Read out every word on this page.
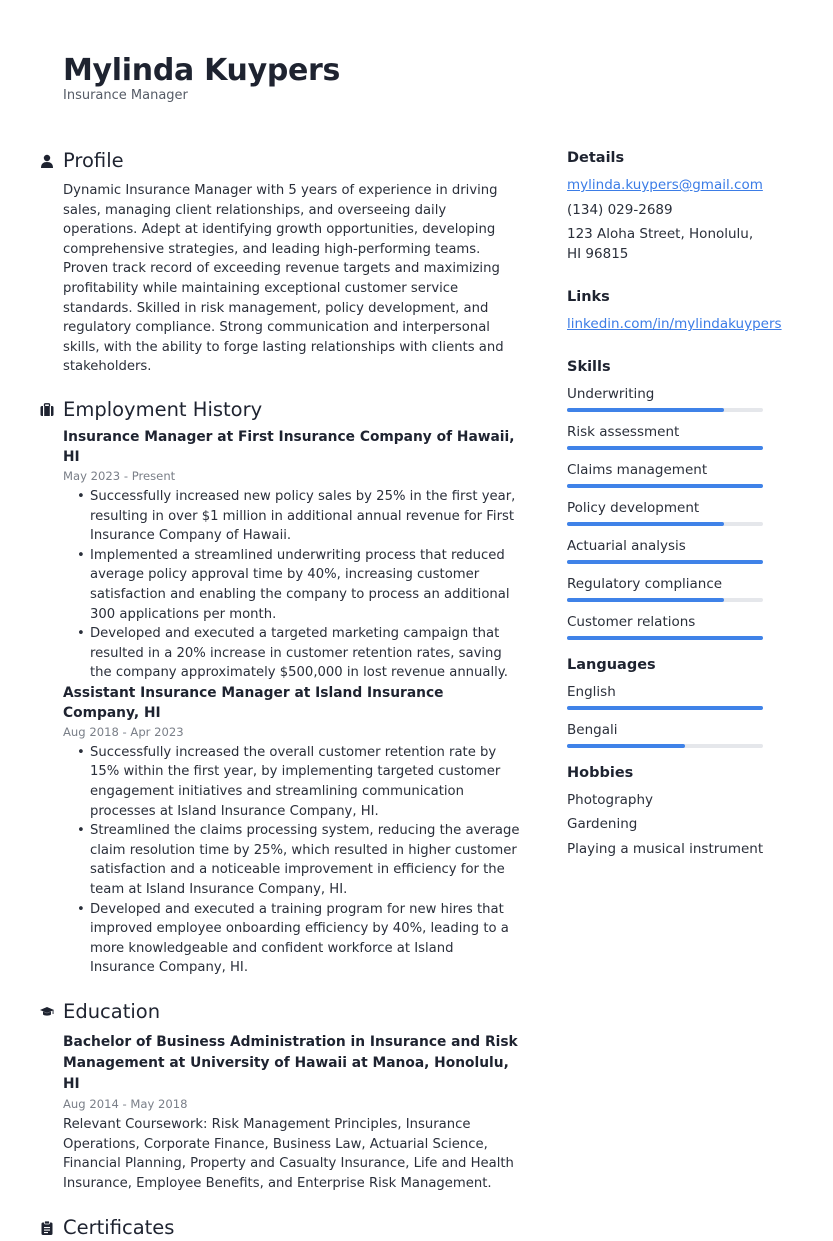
Mylinda Kuypers
Insurance Manager
Profile
Dynamic Insurance Manager with 5 years of experience in driving sales, managing client relationships, and overseeing daily operations. Adept at identifying growth opportunities, developing comprehensive strategies, and leading high-performing teams. Proven track record of exceeding revenue targets and maximizing profitability while maintaining exceptional customer service standards. Skilled in risk management, policy development, and regulatory compliance. Strong communication and interpersonal skills, with the ability to forge lasting relationships with clients and stakeholders.
Employment History
Insurance Manager at First Insurance Company of Hawaii, HI
May 2023 - Present
• Successfully increased new policy sales by 25% in the first year, resulting in over $1 million in additional annual revenue for First Insurance Company of Hawaii.
• Implemented a streamlined underwriting process that reduced average policy approval time by 40%, increasing customer satisfaction and enabling the company to process an additional 300 applications per month.
• Developed and executed a targeted marketing campaign that resulted in a 20% increase in customer retention rates, saving the company approximately $500,000 in lost revenue annually.
Assistant Insurance Manager at Island Insurance Company, HI
Aug 2018 - Apr 2023
• Successfully increased the overall customer retention rate by 15% within the first year, by implementing targeted customer engagement initiatives and streamlining communication processes at Island Insurance Company, HI.
• Streamlined the claims processing system, reducing the average claim resolution time by 25%, which resulted in higher customer satisfaction and a noticeable improvement in efficiency for the team at Island Insurance Company, HI.
• Developed and executed a training program for new hires that improved employee onboarding efficiency by 40%, leading to a more knowledgeable and confident workforce at Island Insurance Company, HI.
Education
Bachelor of Business Administration in Insurance and Risk Management at University of Hawaii at Manoa, Honolulu, HI
Aug 2014 - May 2018
Relevant Coursework: Risk Management Principles, Insurance Operations, Corporate Finance, Business Law, Actuarial Science, Financial Planning, Property and Casualty Insurance, Life and Health Insurance, Employee Benefits, and Enterprise Risk Management.
Certificates
Details
mylinda.kuypers@gmail.com
(134) 029-2689
123 Aloha Street, Honolulu, HI 96815
Links
linkedin.com/in/mylindakuypers
Skills
Underwriting
Risk assessment
Claims management
Policy development
Actuarial analysis
Regulatory compliance
Customer relations
Languages
English
Bengali
Hobbies
Photography
Gardening
Playing a musical instrument
